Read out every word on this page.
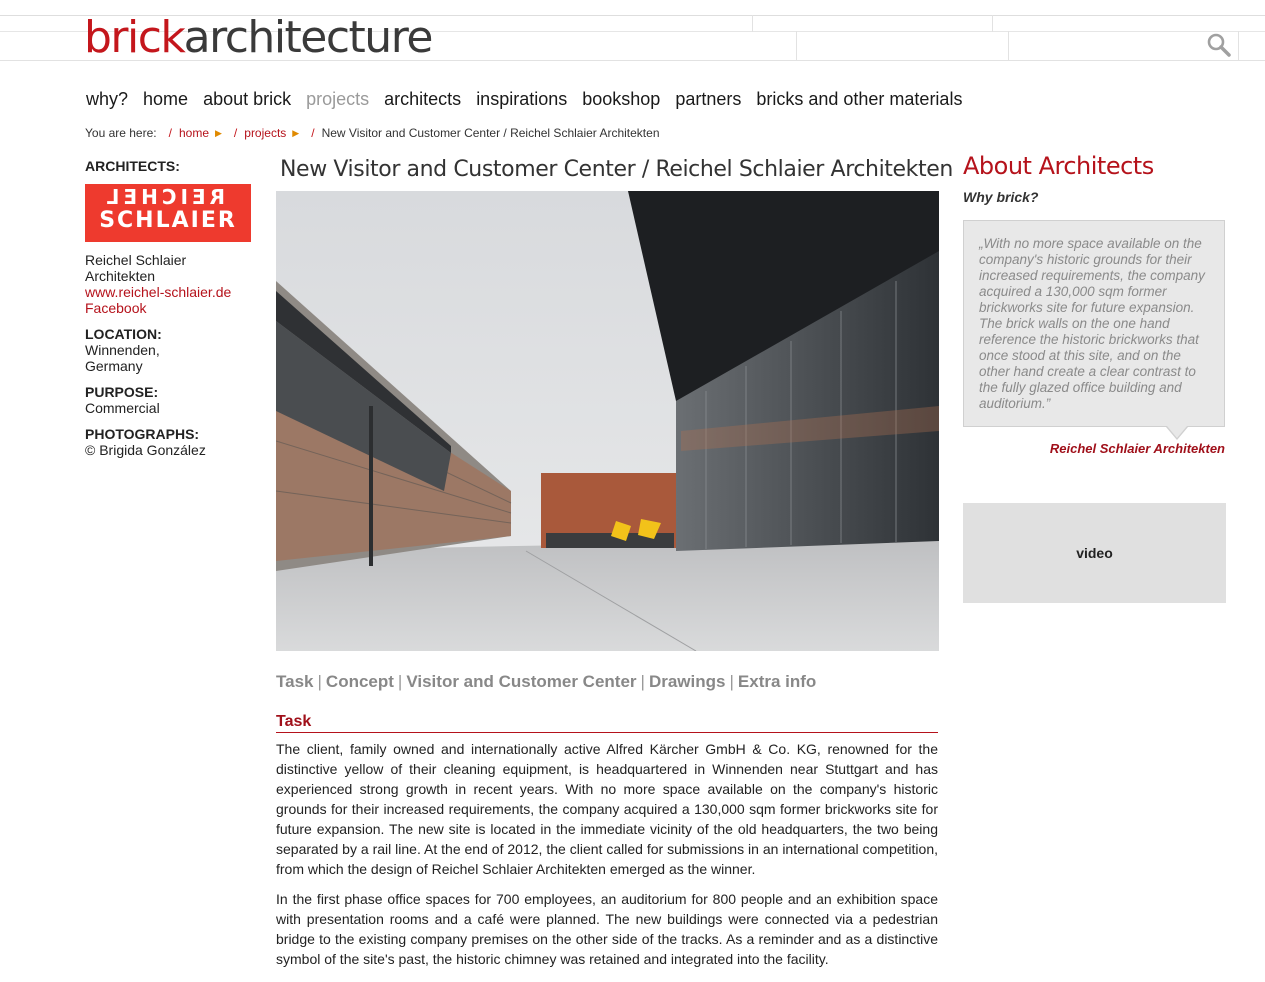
brickarchitecture
why? home about brick projects architects inspirations bookshop partners bricks and other materials
You are here: / home ▶ / projects ▶ / New Visitor and Customer Center / Reichel Schlaier Architekten
ARCHITECTS:
REICHEL
SCHLAIER
Reichel Schlaier Architekten
www.reichel-schlaier.de
Facebook
LOCATION:
Winnenden, Germany
PURPOSE:
Commercial
PHOTOGRAPHS:
© Brigida González
New Visitor and Customer Center / Reichel Schlaier Architekten
Task | Concept | Visitor and Customer Center | Drawings | Extra info
Task

The client, family owned and internationally active Alfred Kärcher GmbH & Co. KG, renowned for the distinctive yellow of their cleaning equipment, is headquartered in Winnenden near Stuttgart and has experienced strong growth in recent years. With no more space available on the company's historic grounds for their increased requirements, the company acquired a 130,000 sqm former brickworks site for future expansion. The new site is located in the immediate vicinity of the old headquarters, the two being separated by a rail line. At the end of 2012, the client called for submissions in an international competition, from which the design of Reichel Schlaier Architekten emerged as the winner.

In the first phase office spaces for 700 employees, an auditorium for 800 people and an exhibition space with presentation rooms and a café were planned. The new buildings were connected via a pedestrian bridge to the existing company premises on the other side of the tracks. As a reminder and as a distinctive symbol of the site's past, the historic chimney was retained and integrated into the facility.

About Architects
Why brick?
„With no more space available on the company's historic grounds for their increased requirements, the company acquired a 130,000 sqm former brickworks site for future expansion. The brick walls on the one hand reference the historic brickworks that once stood at this site, and on the other hand create a clear contrast to the fully glazed office building and auditorium.”
Reichel Schlaier Architekten
video
